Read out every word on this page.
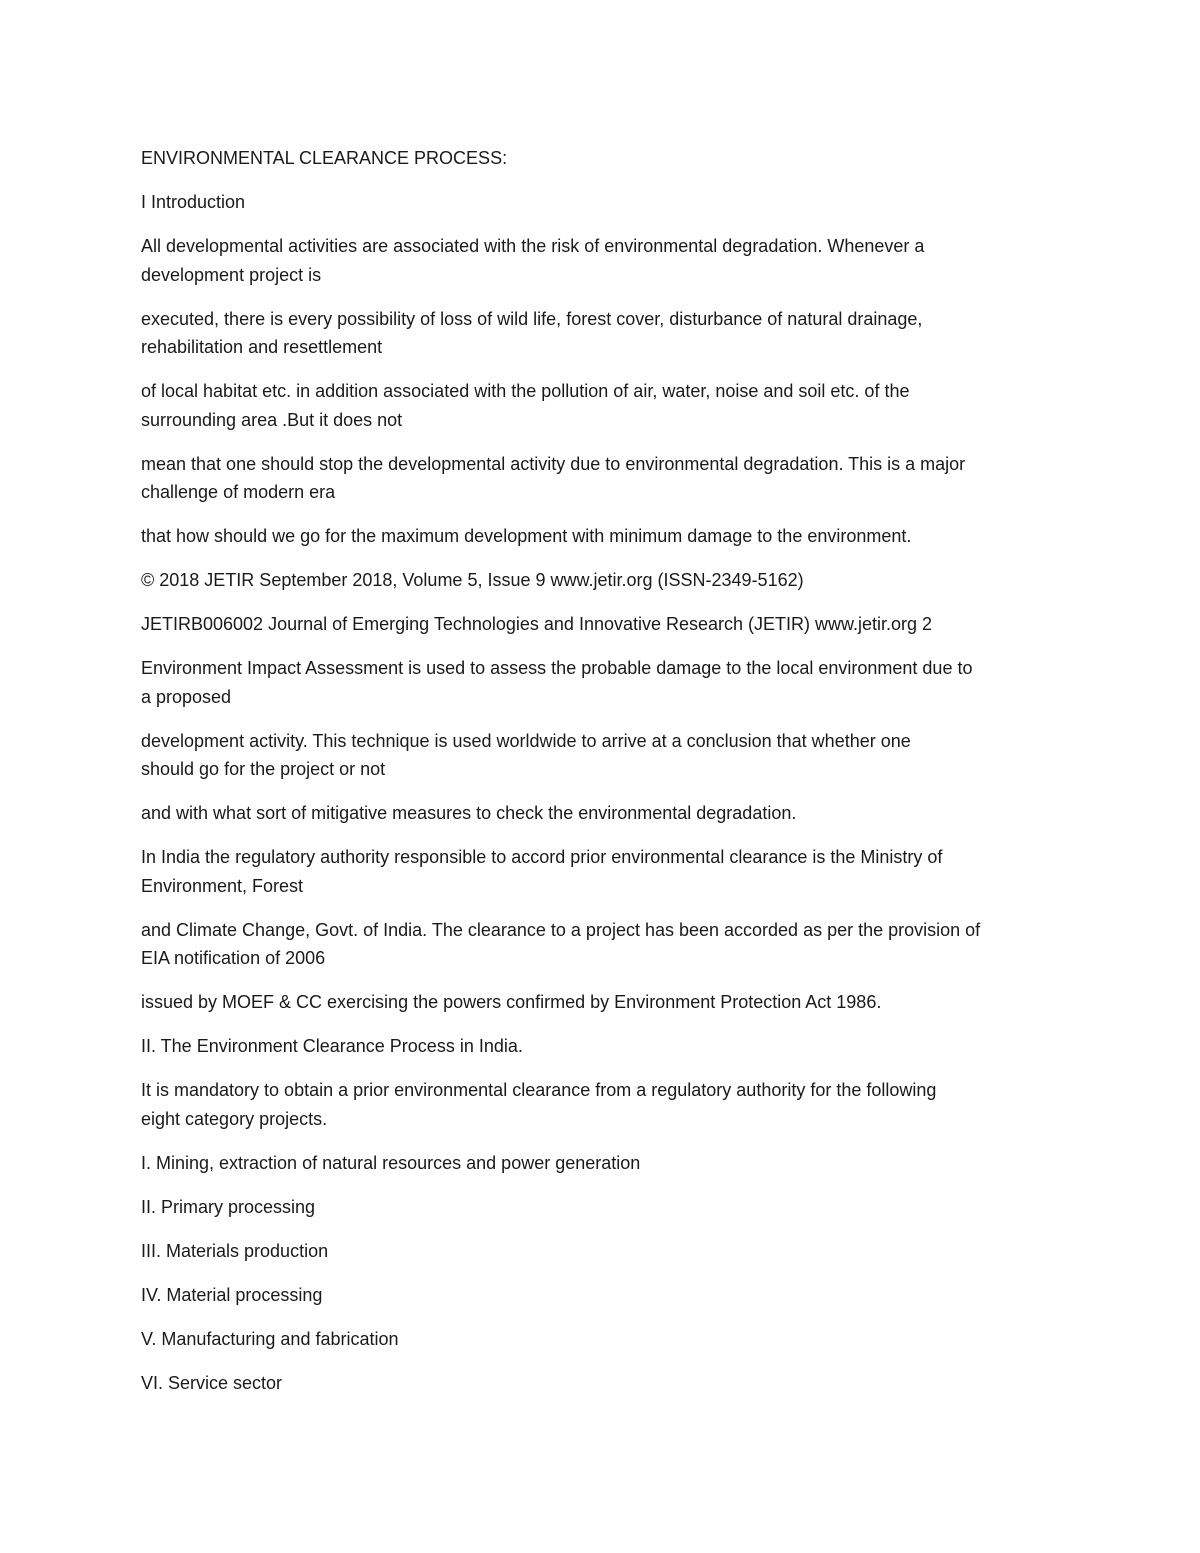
ENVIRONMENTAL CLEARANCE PROCESS:

I Introduction

All developmental activities are associated with the risk of environmental degradation. Whenever a
development project is

executed, there is every possibility of loss of wild life, forest cover, disturbance of natural drainage,
rehabilitation and resettlement

of local habitat etc. in addition associated with the pollution of air, water, noise and soil etc. of the
surrounding area .But it does not

mean that one should stop the developmental activity due to environmental degradation. This is a major
challenge of modern era

that how should we go for the maximum development with minimum damage to the environment.

© 2018 JETIR September 2018, Volume 5, Issue 9 www.jetir.org (ISSN-2349-5162)

JETIRB006002 Journal of Emerging Technologies and Innovative Research (JETIR) www.jetir.org 2

Environment Impact Assessment is used to assess the probable damage to the local environment due to
a proposed

development activity. This technique is used worldwide to arrive at a conclusion that whether one
should go for the project or not

and with what sort of mitigative measures to check the environmental degradation.

In India the regulatory authority responsible to accord prior environmental clearance is the Ministry of
Environment, Forest

and Climate Change, Govt. of India. The clearance to a project has been accorded as per the provision of
EIA notification of 2006

issued by MOEF & CC exercising the powers confirmed by Environment Protection Act 1986.

II. The Environment Clearance Process in India.

It is mandatory to obtain a prior environmental clearance from a regulatory authority for the following
eight category projects.

I. Mining, extraction of natural resources and power generation

II. Primary processing

III. Materials production

IV. Material processing

V. Manufacturing and fabrication

VI. Service sector
